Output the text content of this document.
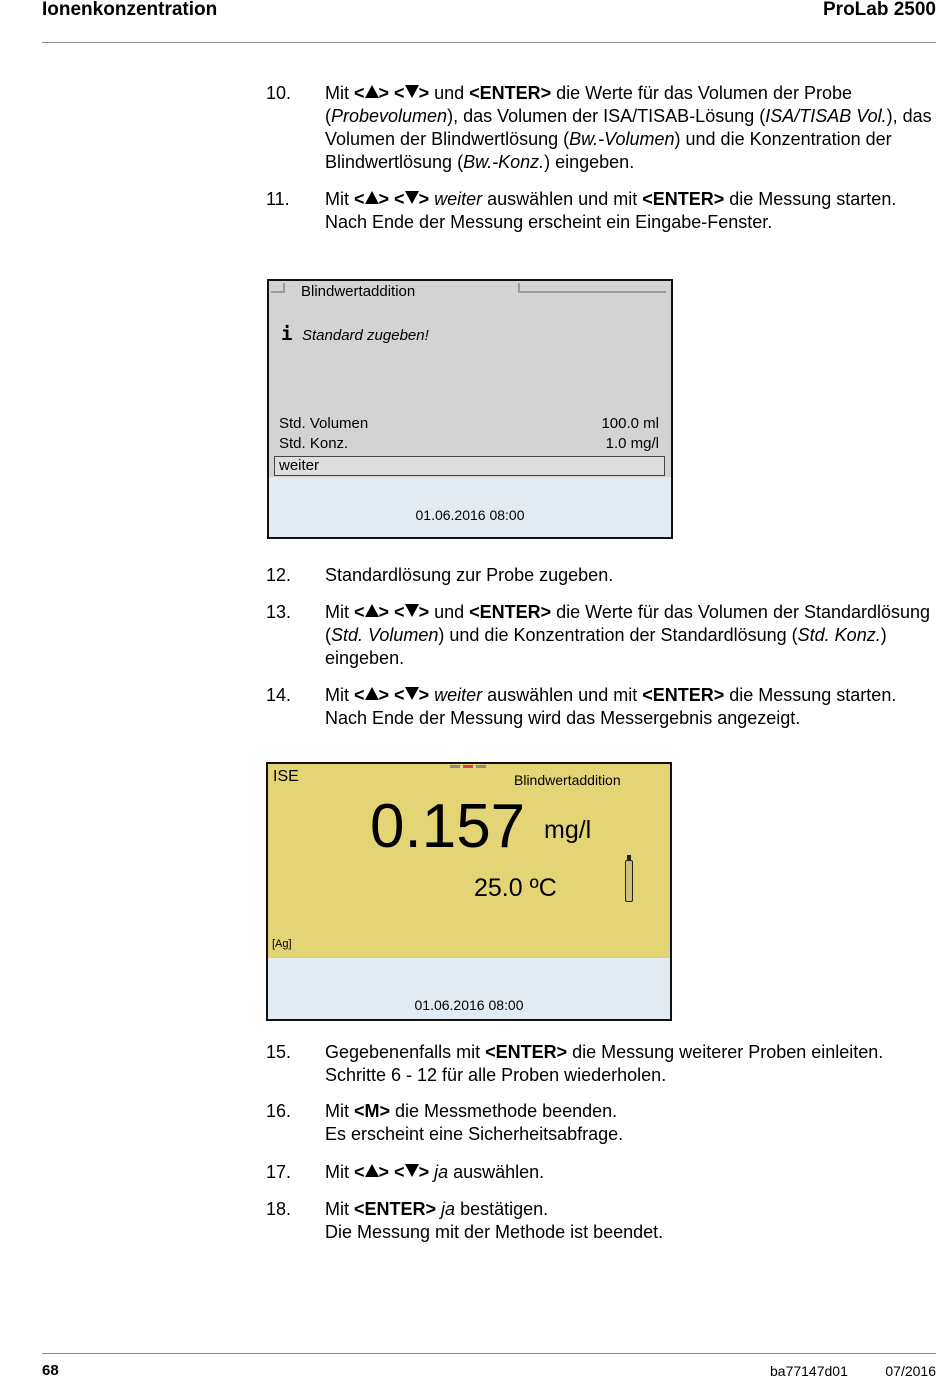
Ionenkonzentration	ProLab 2500
10. Mit < > < > und <ENTER> die Werte für das Volumen der Probe (Probevolumen), das Volumen der ISA/TISAB-Lösung (ISA/TISAB Vol.), das Volumen der Blindwertlösung (Bw.-Volumen) und die Konzentration der Blindwertlösung (Bw.-Konz.) eingeben.
11. Mit < > < > weiter auswählen und mit <ENTER> die Messung starten.
Nach Ende der Messung erscheint ein Eingabe-Fenster.
Blindwertaddition
i Standard zugeben!
Std. Volumen	100.0 ml
Std. Konz.	1.0 mg/l
weiter
01.06.2016 08:00
12. Standardlösung zur Probe zugeben.
13. Mit < > < > und <ENTER> die Werte für das Volumen der Standardlösung (Std. Volumen) und die Konzentration der Standardlösung (Std. Konz.) eingeben.
14. Mit < > < > weiter auswählen und mit <ENTER> die Messung starten.
Nach Ende der Messung wird das Messergebnis angezeigt.
ISE	Blindwertaddition
0.157 mg/l
25.0 ºC
[Ag]
01.06.2016 08:00
15. Gegebenenfalls mit <ENTER> die Messung weiterer Proben einleiten.
Schritte 6 - 12 für alle Proben wiederholen.
16. Mit <M> die Messmethode beenden.
Es erscheint eine Sicherheitsabfrage.
17. Mit < > < > ja auswählen.
18. Mit <ENTER> ja bestätigen.
Die Messung mit der Methode ist beendet.
68	ba77147d01	07/2016
